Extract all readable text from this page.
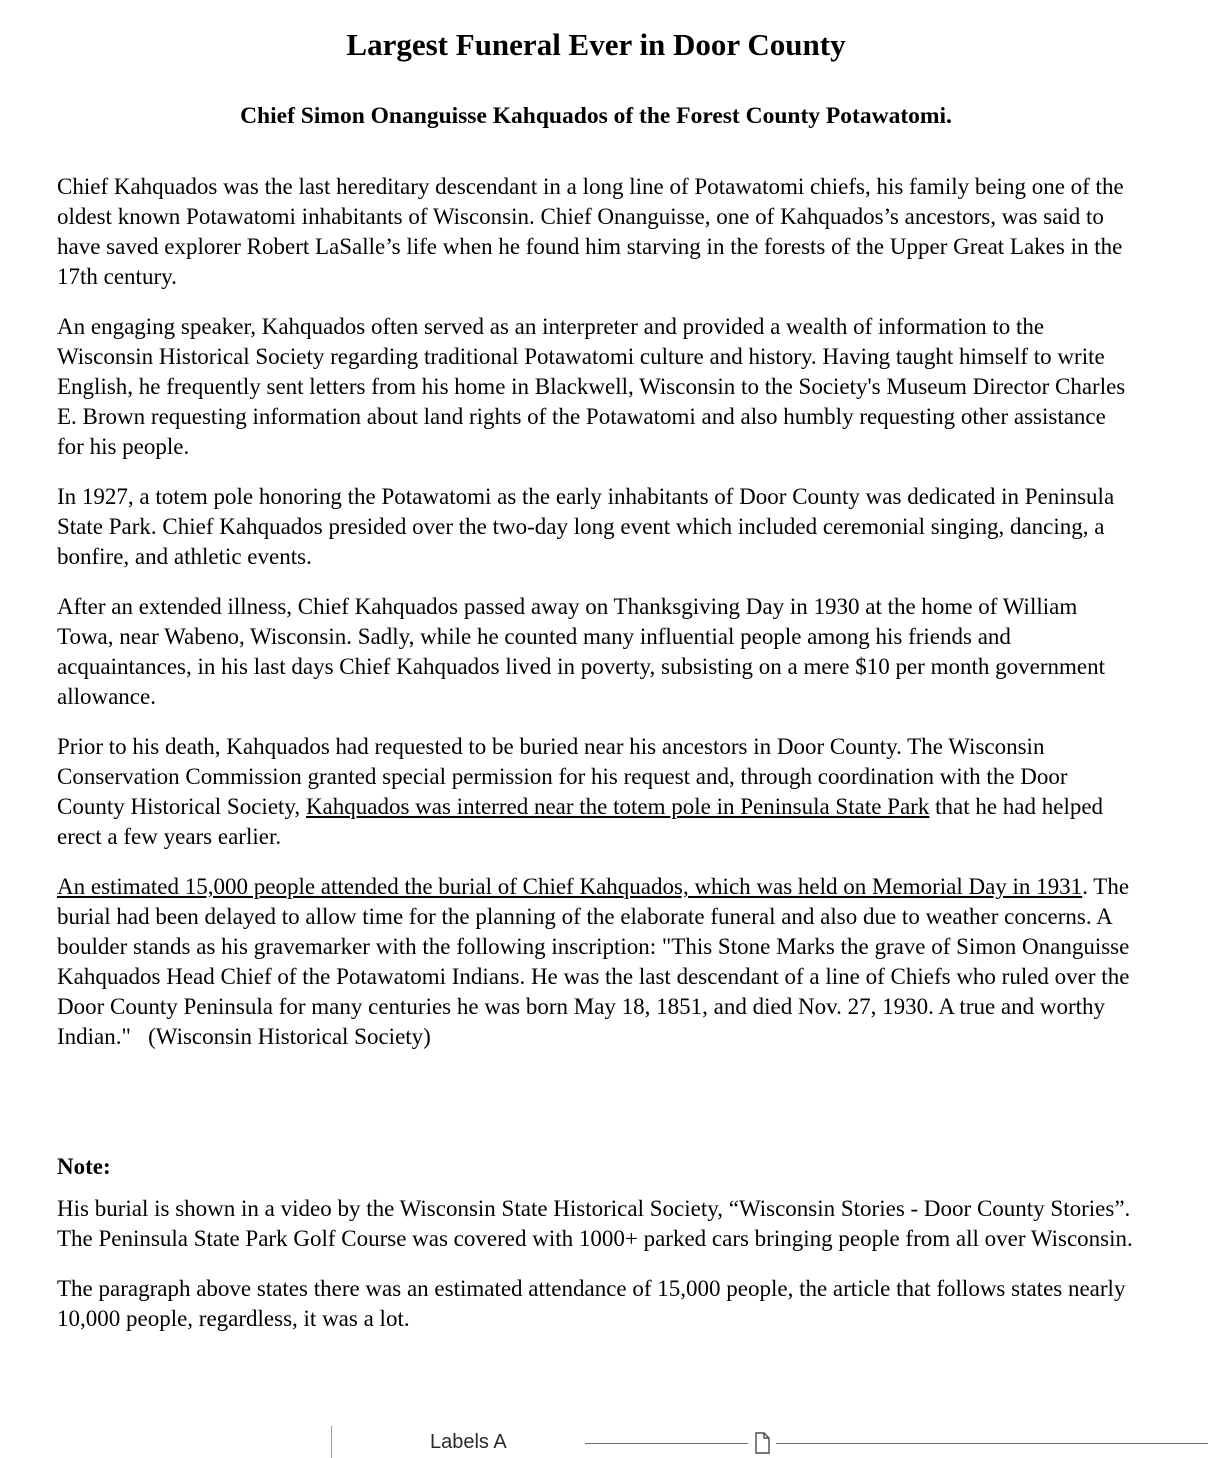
Largest Funeral Ever in Door County
Chief Simon Onanguisse Kahquados of the Forest County Potawatomi.

Chief Kahquados was the last hereditary descendant in a long line of Potawatomi chiefs, his family being one of the oldest known Potawatomi inhabitants of Wisconsin. Chief Onanguisse, one of Kahquados’s ancestors, was said to have saved explorer Robert LaSalle’s life when he found him starving in the forests of the Upper Great Lakes in the 17th century.

An engaging speaker, Kahquados often served as an interpreter and provided a wealth of information to the Wisconsin Historical Society regarding traditional Potawatomi culture and history. Having taught himself to write English, he frequently sent letters from his home in Blackwell, Wisconsin to the Society's Museum Director Charles E. Brown requesting information about land rights of the Potawatomi and also humbly requesting other assistance for his people.

In 1927, a totem pole honoring the Potawatomi as the early inhabitants of Door County was dedicated in Peninsula State Park. Chief Kahquados presided over the two-day long event which included ceremonial singing, dancing, a bonfire, and athletic events.

After an extended illness, Chief Kahquados passed away on Thanksgiving Day in 1930 at the home of William Towa, near Wabeno, Wisconsin. Sadly, while he counted many influential people among his friends and acquaintances, in his last days Chief Kahquados lived in poverty, subsisting on a mere $10 per month government allowance.

Prior to his death, Kahquados had requested to be buried near his ancestors in Door County. The Wisconsin Conservation Commission granted special permission for his request and, through coordination with the Door County Historical Society, Kahquados was interred near the totem pole in Peninsula State Park that he had helped erect a few years earlier.

An estimated 15,000 people attended the burial of Chief Kahquados, which was held on Memorial Day in 1931. The burial had been delayed to allow time for the planning of the elaborate funeral and also due to weather concerns. A boulder stands as his gravemarker with the following inscription: "This Stone Marks the grave of Simon Onanguisse Kahquados Head Chief of the Potawatomi Indians. He was the last descendant of a line of Chiefs who ruled over the Door County Peninsula for many centuries he was born May 18, 1851, and died Nov. 27, 1930. A true and worthy Indian."   (Wisconsin Historical Society)

Note:

His burial is shown in a video by the Wisconsin State Historical Society, “Wisconsin Stories - Door County Stories”.  The Peninsula State Park Golf Course was covered with 1000+ parked cars bringing people from all over Wisconsin.

The paragraph above states there was an estimated attendance of 15,000 people, the article that follows states nearly 10,000 people, regardless, it was a lot.

Labels A
